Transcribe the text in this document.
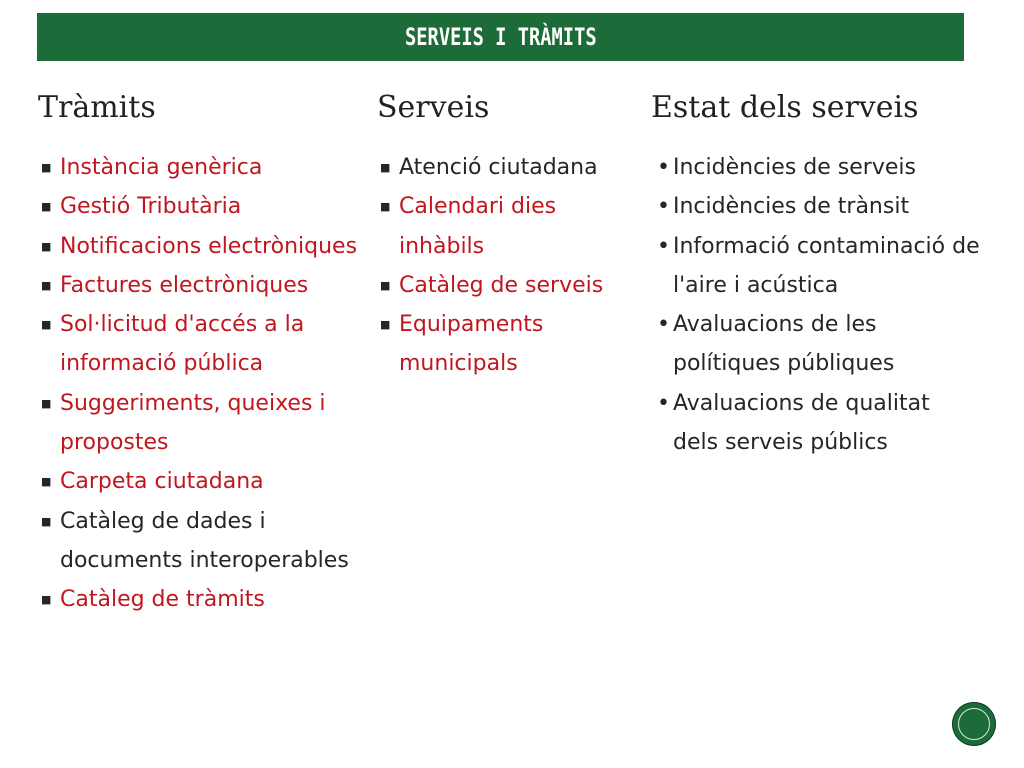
SERVEIS I TRÀMITS
Tràmits
■ Instància genèrica
■ Gestió Tributària
■ Notificacions electròniques
■ Factures electròniques
■ Sol·licitud d'accés a la informació pública
■ Suggeriments, queixes i propostes
■ Carpeta ciutadana
■ Catàleg de dades i documents interoperables
■ Catàleg de tràmits
Serveis
■ Atenció ciutadana
■ Calendari dies inhàbils
■ Catàleg de serveis
■ Equipaments municipals
Estat dels serveis
• Incidències de serveis
• Incidències de trànsit
• Informació contaminació de l'aire i acústica
• Avaluacions de les polítiques públiques
• Avaluacions de qualitat dels serveis públics
